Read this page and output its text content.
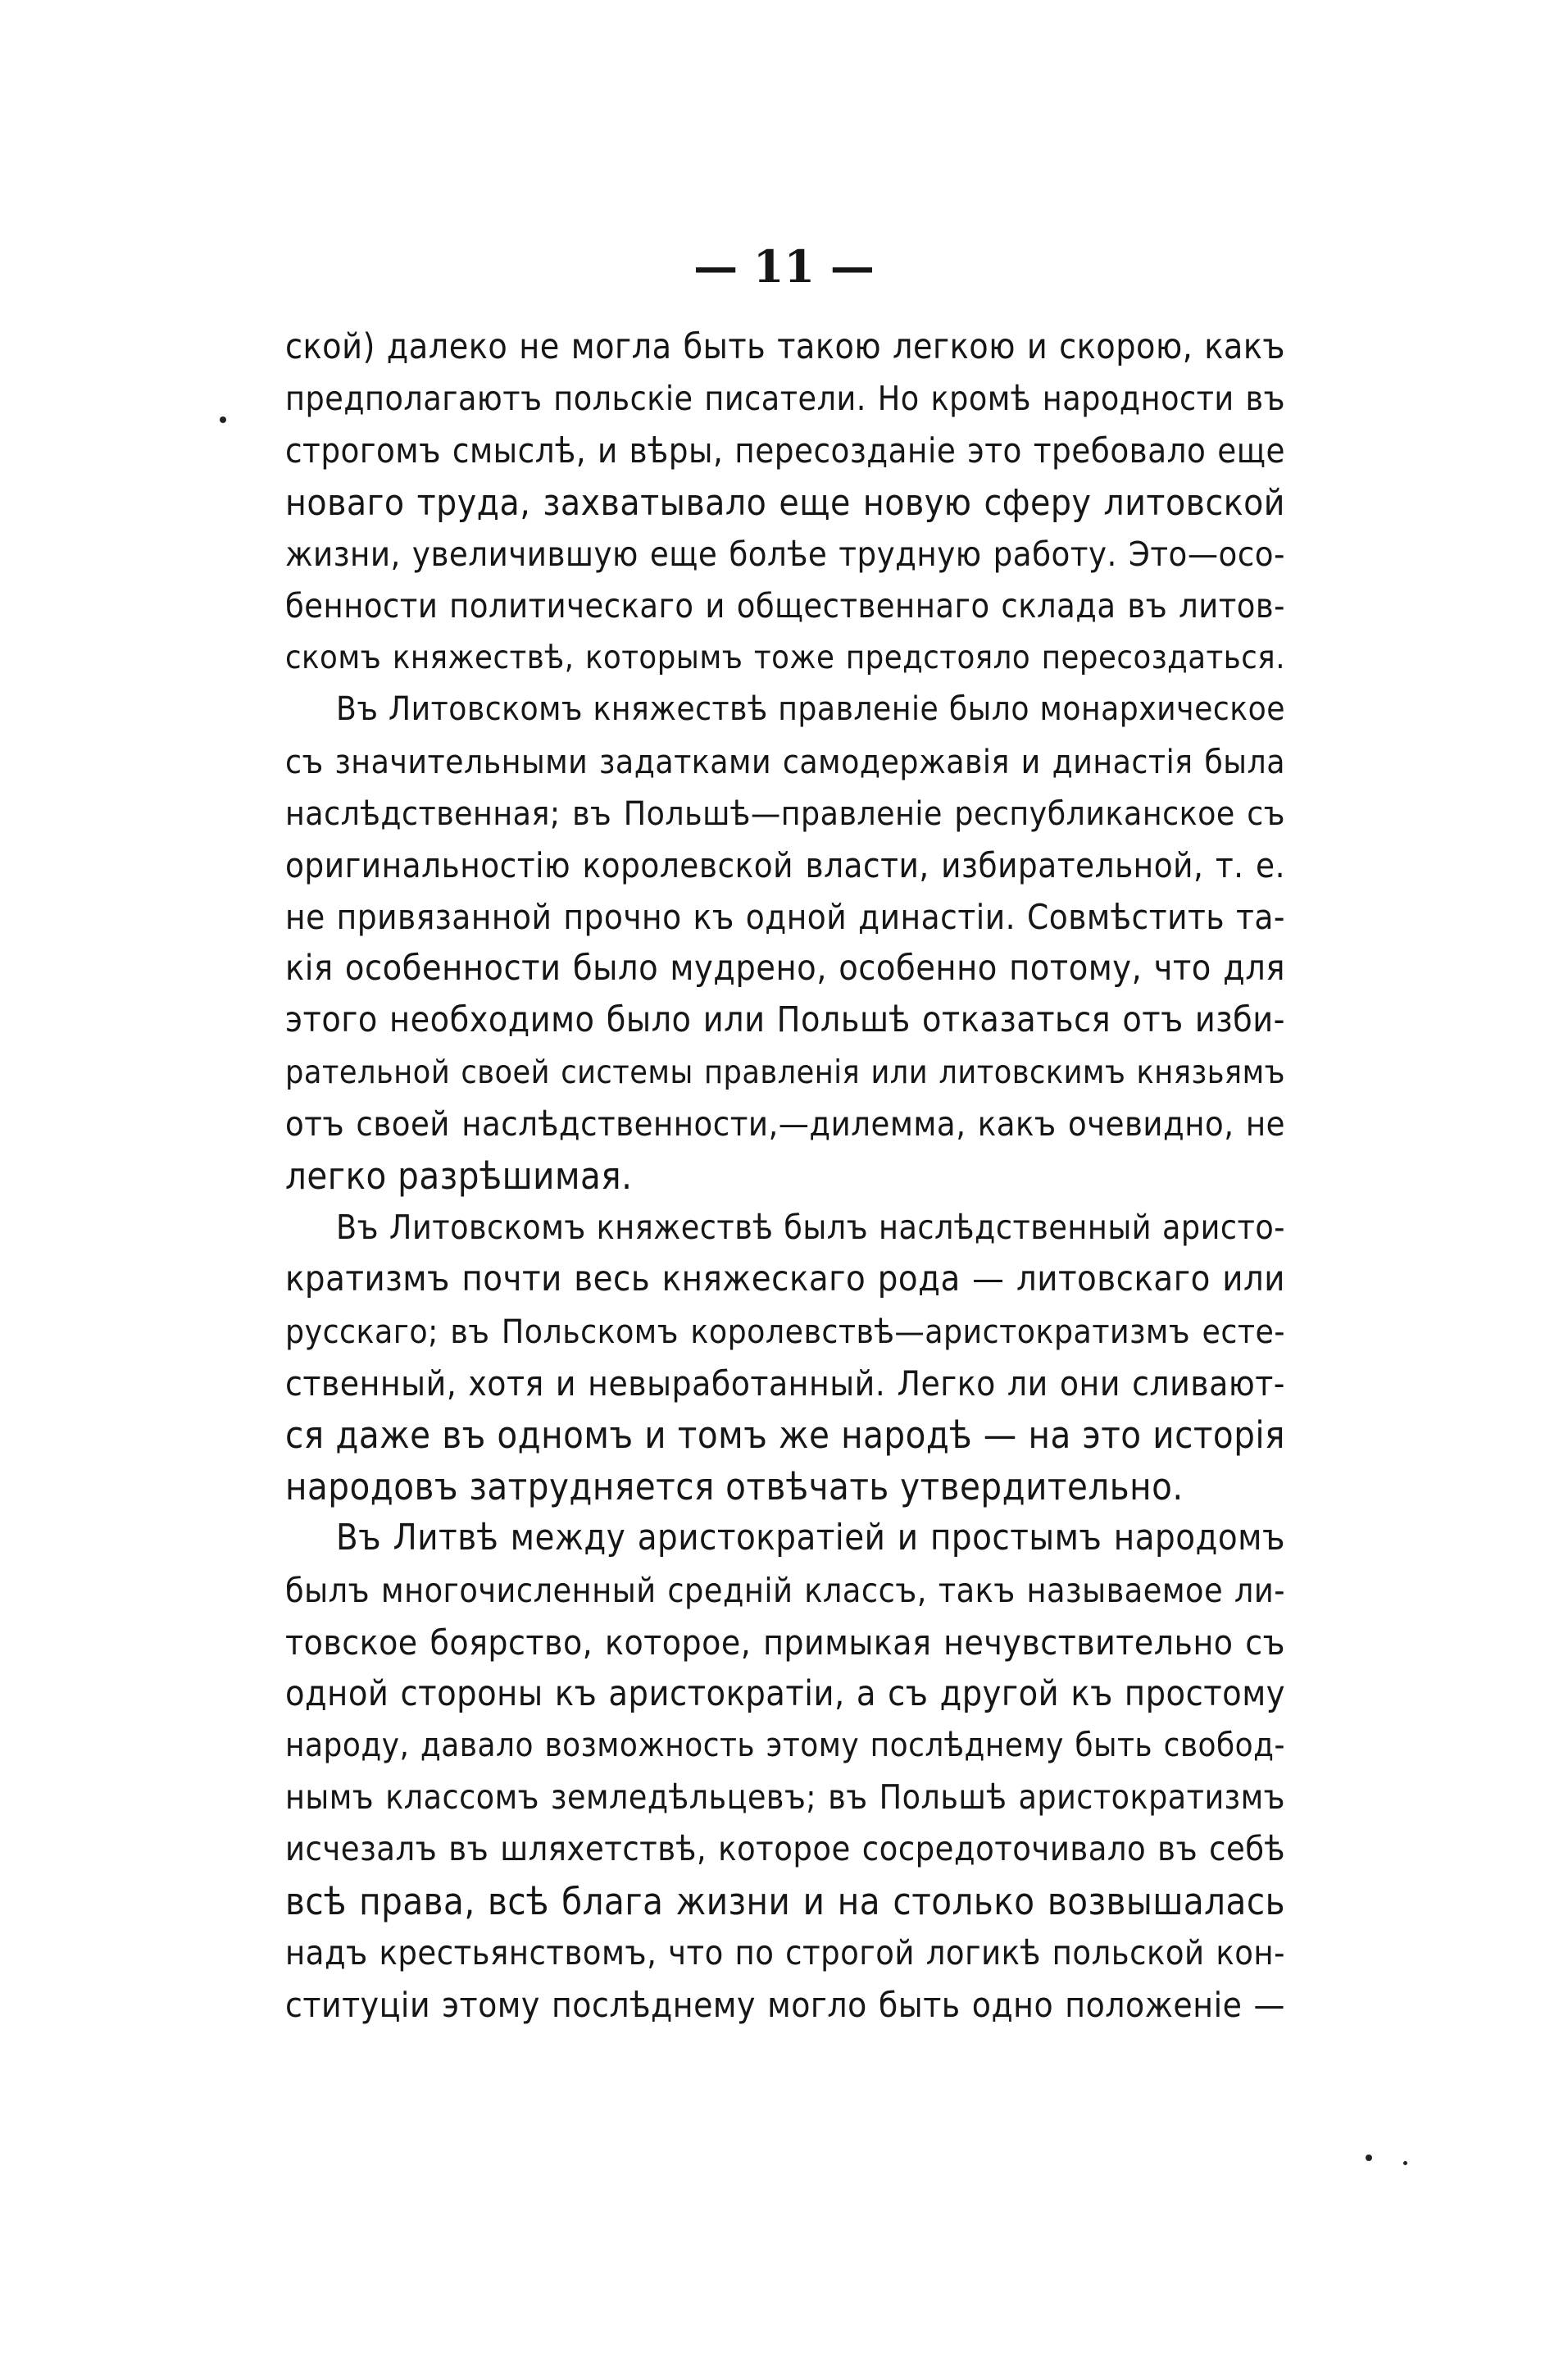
— 11 —
ской) далеко не могла быть такою легкою и скорою, какъ
предполагаютъ польскіе писатели. Но кромѣ народности въ
строгомъ смыслѣ, и вѣры, пересозданіе это требовало еще
новаго труда, захватывало еще новую сферу литовской
жизни, увеличившую еще болѣе трудную работу. Это—осо-
бенности политическаго и общественнаго склада въ литов-
скомъ княжествѣ, которымъ тоже предстояло пересоздаться.
Въ Литовскомъ княжествѣ правленіе было монархическое
съ значительными задатками самодержавія и династія была
наслѣдственная; въ Польшѣ—правленіе республиканское съ
оригинальностію королевской власти, избирательной, т. е.
не привязанной прочно къ одной династіи. Совмѣстить та-
кія особенности было мудрено, особенно потому, что для
этого необходимо было или Польшѣ отказаться отъ изби-
рательной своей системы правленія или литовскимъ князьямъ
отъ своей наслѣдственности,—дилемма, какъ очевидно, не
легко разрѣшимая.
Въ Литовскомъ княжествѣ былъ наслѣдственный аристо-
кратизмъ почти весь княжескаго рода — литовскаго или
русскаго; въ Польскомъ королевствѣ—аристократизмъ есте-
ственный, хотя и невыработанный. Легко ли они сливают-
ся даже въ одномъ и томъ же народѣ — на это исторія
народовъ затрудняется отвѣчать утвердительно.
Въ Литвѣ между аристократіей и простымъ народомъ
былъ многочисленный среднiй классъ, такъ называемое ли-
товское боярство, которое, примыкая нечувствительно съ
одной стороны къ аристократіи, а съ другой къ простому
народу, давало возможность этому послѣднему быть свобод-
нымъ классомъ земледѣльцевъ; въ Польшѣ аристократизмъ
исчезалъ въ шляхетствѣ, которое сосредоточивало въ себѣ
всѣ права, всѣ блага жизни и на столько возвышалась
надъ крестьянствомъ, что по строгой логикѣ польской кон-
ституціи этому послѣднему могло быть одно положеніе —
